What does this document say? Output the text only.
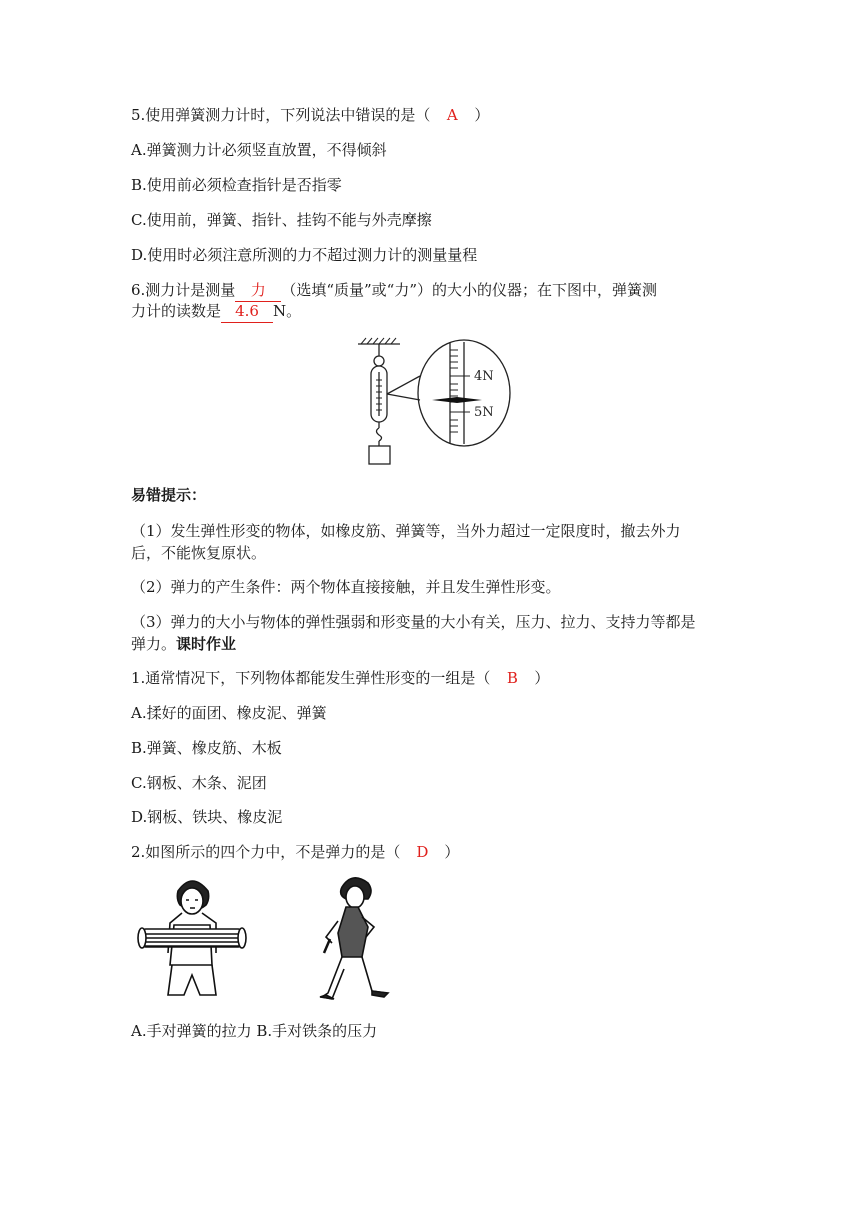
5.使用弹簧测力计时，下列说法中错误的是（ A ）
A.弹簧测力计必须竖直放置，不得倾斜
B.使用前必须检查指针是否指零
C.使用前，弹簧、指针、挂钩不能与外壳摩擦
D.使用时必须注意所测的力不超过测力计的测量量程
6.测力计是测量 力 （选填“质量”或“力”）的大小的仪器；在下图中，弹簧测
力计的读数是 4.6 N。
4N
5N
易错提示：
（1）发生弹性形变的物体，如橡皮筋、弹簧等，当外力超过一定限度时，撤去外力
后，不能恢复原状。
（2）弹力的产生条件：两个物体直接接触，并且发生弹性形变。
（3）弹力的大小与物体的弹性强弱和形变量的大小有关，压力、拉力、支持力等都是
弹力。课时作业
1.通常情况下，下列物体都能发生弹性形变的一组是（ B ）
A.揉好的面团、橡皮泥、弹簧
B.弹簧、橡皮筋、木板
C.钢板、木条、泥团
D.钢板、铁块、橡皮泥
2.如图所示的四个力中，不是弹力的是（ D ）
A.手对弹簧的拉力 B.手对铁条的压力
